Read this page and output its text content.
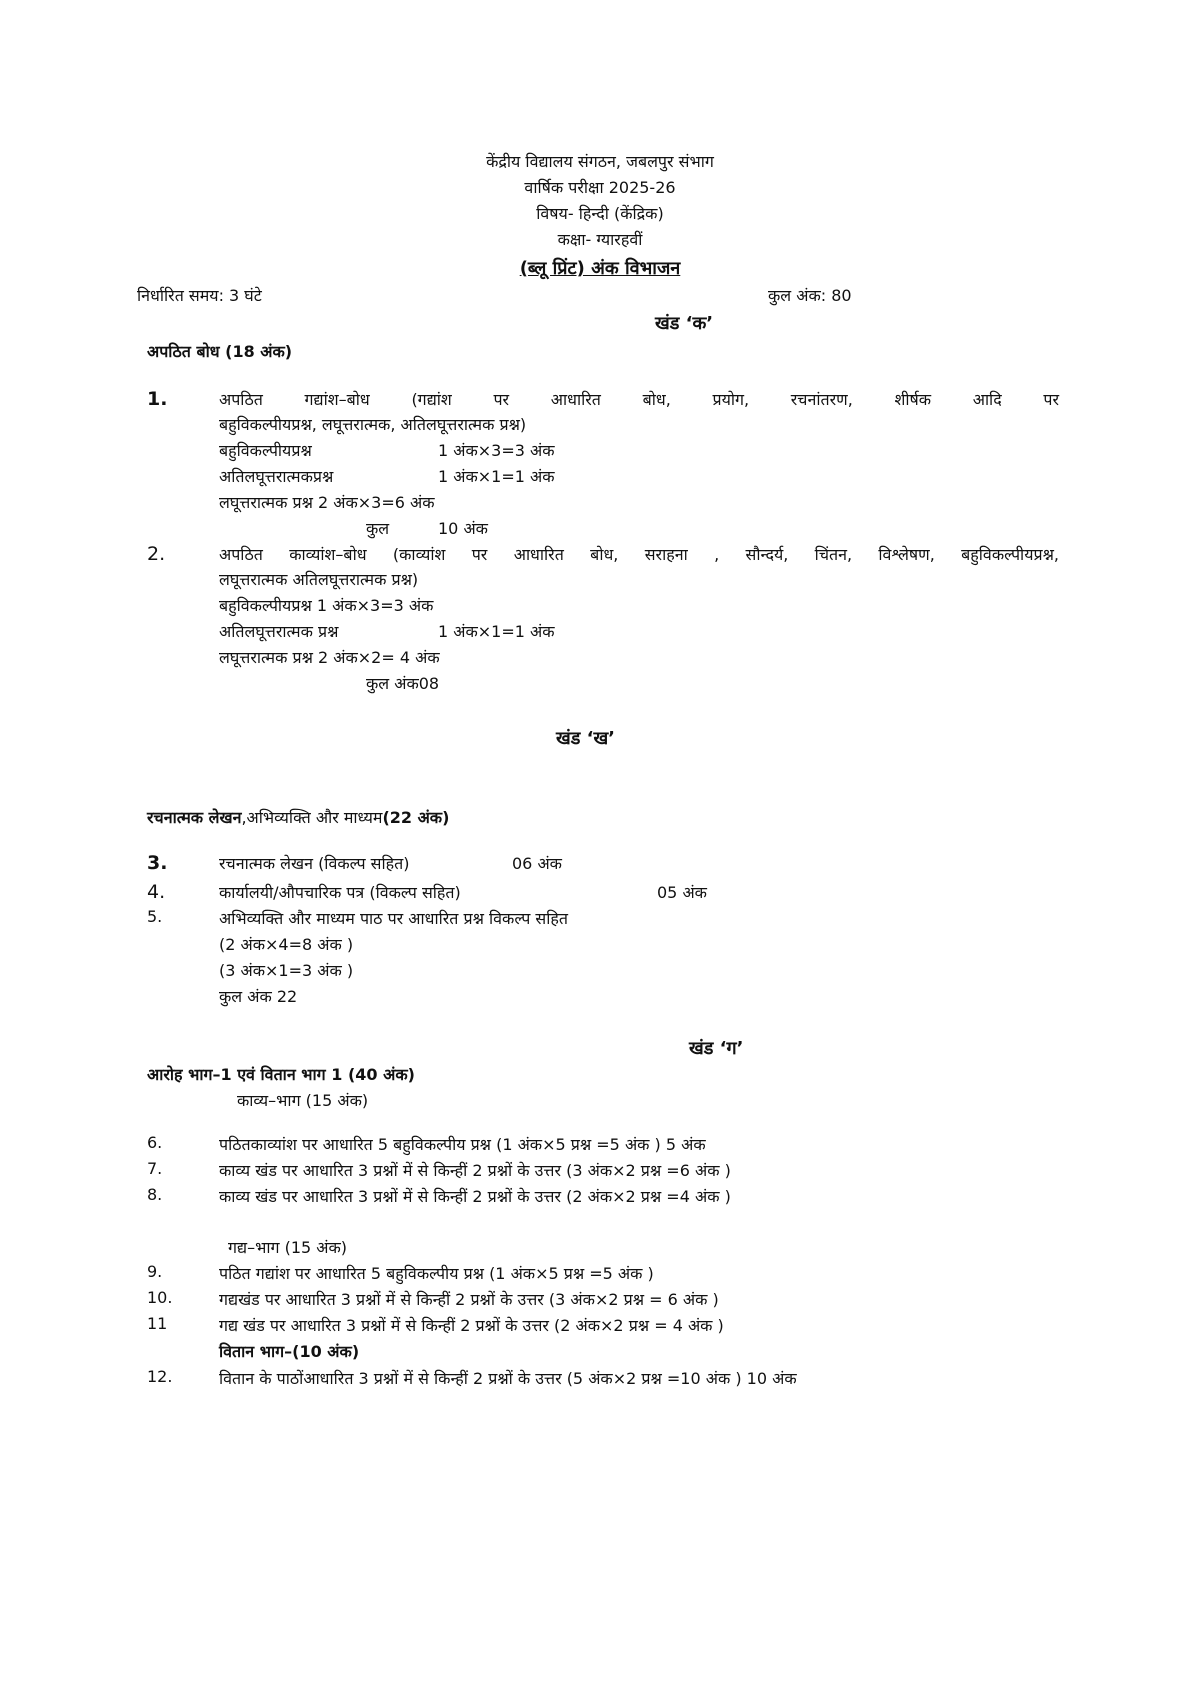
केंद्रीय विद्यालय संगठन, जबलपुर संभाग
वार्षिक परीक्षा 2025-26
विषय- हिन्दी (केंद्रिक)
कक्षा- ग्यारहवीं
(ब्लू प्रिंट) अंक विभाजन
निर्धारित समय: 3 घंटे	कुल अंक: 80
खंड ‘क’
अपठित बोध (18 अंक)
1.	अपठित गद्यांश–बोध (गद्यांश पर आधारित बोध, प्रयोग, रचनांतरण, शीर्षक आदि पर
बहुविकल्पीयप्रश्न, लघूत्तरात्मक, अतिलघूत्तरात्मक प्रश्न)
बहुविकल्पीयप्रश्न	1 अंक×3=3 अंक
अतिलघूत्तरात्मकप्रश्न	1 अंक×1=1 अंक
लघूत्तरात्मक प्रश्न 2 अंक×3=6 अंक
कुल	10 अंक
2.	अपठित काव्यांश–बोध (काव्यांश पर आधारित बोध, सराहना , सौन्दर्य, चिंतन, विश्लेषण, बहुविकल्पीयप्रश्न,
लघूत्तरात्मक अतिलघूत्तरात्मक प्रश्न)
बहुविकल्पीयप्रश्न 1 अंक×3=3 अंक
अतिलघूत्तरात्मक प्रश्न	1 अंक×1=1 अंक
लघूत्तरात्मक प्रश्न 2 अंक×2= 4 अंक
कुल अंक08
खंड ‘ख’
रचनात्मक लेखन,अभिव्यक्ति और माध्यम(22 अंक)
3.	रचनात्मक लेखन (विकल्प सहित)	06 अंक
4.	कार्यालयी/औपचारिक पत्र (विकल्प सहित)	05 अंक
5.	अभिव्यक्ति और माध्यम पाठ पर आधारित प्रश्न विकल्प सहित
(2 अंक×4=8 अंक )
(3 अंक×1=3 अंक )
कुल अंक 22
खंड ‘ग’
आरोह भाग–1 एवं वितान भाग 1 (40 अंक)
काव्य–भाग (15 अंक)
6.	पठितकाव्यांश पर आधारित 5 बहुविकल्पीय प्रश्न (1 अंक×5 प्रश्न =5 अंक ) 5 अंक
7.	काव्य खंड पर आधारित 3 प्रश्नों में से किन्हीं 2 प्रश्नों के उत्तर (3 अंक×2 प्रश्न =6 अंक )
8.	काव्य खंड पर आधारित 3 प्रश्नों में से किन्हीं 2 प्रश्नों के उत्तर (2 अंक×2 प्रश्न =4 अंक )
गद्य–भाग (15 अंक)
9.	पठित गद्यांश पर आधारित 5 बहुविकल्पीय प्रश्न (1 अंक×5 प्रश्न =5 अंक )
10.	गद्यखंड पर आधारित 3 प्रश्नों में से किन्हीं 2 प्रश्नों के उत्तर (3 अंक×2 प्रश्न = 6 अंक )
11	गद्य खंड पर आधारित 3 प्रश्नों में से किन्हीं 2 प्रश्नों के उत्तर (2 अंक×2 प्रश्न = 4 अंक )
वितान भाग–(10 अंक)
12.	वितान के पाठोंआधारित 3 प्रश्नों में से किन्हीं 2 प्रश्नों के उत्तर (5 अंक×2 प्रश्न =10 अंक ) 10 अंक
